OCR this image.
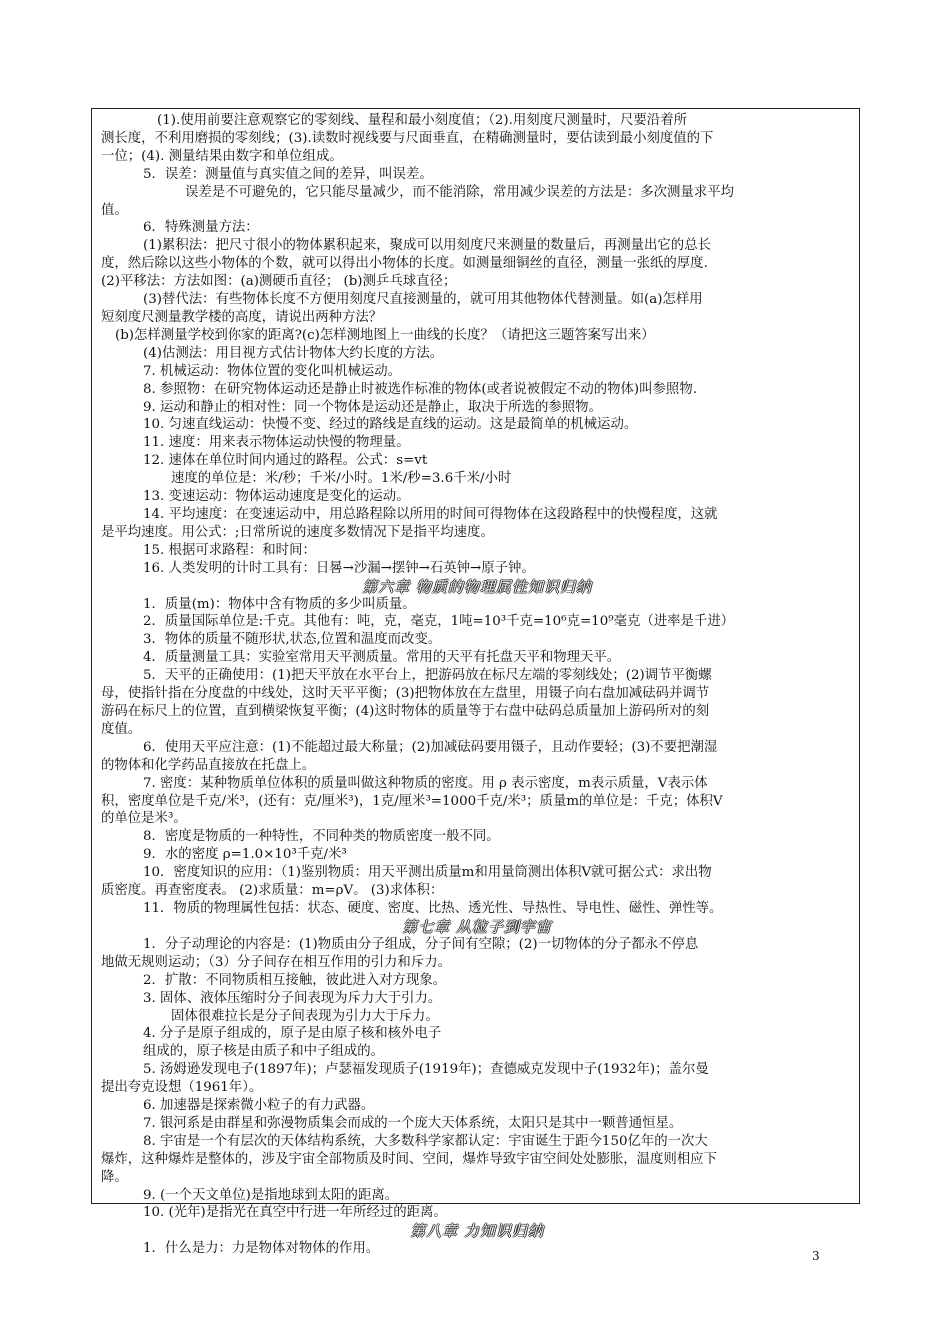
(1).使用前要注意观察它的零刻线、量程和最小刻度值；（2).用刻度尺测量时，尺要沿着所
测长度，不利用磨损的零刻线；(3).读数时视线要与尺面垂直，在精确测量时，要估读到最小刻度值的下
一位；(4). 测量结果由数字和单位组成。
5．误差：测量值与真实值之间的差异，叫误差。
误差是不可避免的，它只能尽量减少，而不能消除，常用减少误差的方法是：多次测量求平均
值。
6．特殊测量方法：
(1)累积法：把尺寸很小的物体累积起来，聚成可以用刻度尺来测量的数量后，再测量出它的总长
度，然后除以这些小物体的个数，就可以得出小物体的长度。如测量细铜丝的直径，测量一张纸的厚度.
(2)平移法：方法如图：(a)测硬币直径； (b)测乒乓球直径；
(3)替代法：有些物体长度不方便用刻度尺直接测量的，就可用其他物体代替测量。如(a)怎样用
短刻度尺测量教学楼的高度，请说出两种方法？
(b)怎样测量学校到你家的距离?(c)怎样测地图上一曲线的长度？（请把这三题答案写出来）
(4)估测法：用目视方式估计物体大约长度的方法。
7. 机械运动：物体位置的变化叫机械运动。
8. 参照物：在研究物体运动还是静止时被选作标准的物体(或者说被假定不动的物体)叫参照物.
9. 运动和静止的相对性：同一个物体是运动还是静止，取决于所选的参照物。
10. 匀速直线运动：快慢不变、经过的路线是直线的运动。这是最简单的机械运动。
11. 速度：用来表示物体运动快慢的物理量。
12. 速体在单位时间内通过的路程。公式：s=vt
速度的单位是：米/秒；千米/小时。1米/秒=3.6千米/小时
13. 变速运动：物体运动速度是变化的运动。
14. 平均速度：在变速运动中，用总路程除以所用的时间可得物体在这段路程中的快慢程度，这就
是平均速度。用公式：;日常所说的速度多数情况下是指平均速度。
15. 根据可求路程：和时间：
16. 人类发明的计时工具有：日晷→沙漏→摆钟→石英钟→原子钟。
第六章 物质的物理属性知识归纳
1．质量(m)：物体中含有物质的多少叫质量。
2．质量国际单位是:千克。其他有：吨，克，毫克，1吨=10³千克=10⁶克=10⁹毫克（进率是千进）
3．物体的质量不随形状,状态,位置和温度而改变。
4．质量测量工具：实验室常用天平测质量。常用的天平有托盘天平和物理天平。
5．天平的正确使用：(1)把天平放在水平台上，把游码放在标尺左端的零刻线处；(2)调节平衡螺
母，使指针指在分度盘的中线处，这时天平平衡；(3)把物体放在左盘里，用镊子向右盘加减砝码并调节
游码在标尺上的位置，直到横梁恢复平衡；(4)这时物体的质量等于右盘中砝码总质量加上游码所对的刻
度值。
6．使用天平应注意：(1)不能超过最大称量；(2)加减砝码要用镊子，且动作要轻；(3)不要把潮湿
的物体和化学药品直接放在托盘上。
7. 密度：某种物质单位体积的质量叫做这种物质的密度。用 ρ 表示密度，m表示质量，V表示体
积，密度单位是千克/米³，(还有：克/厘米³)，1克/厘米³=1000千克/米³；质量m的单位是：千克；体积V
的单位是米³。
8．密度是物质的一种特性，不同种类的物质密度一般不同。
9．水的密度 ρ=1.0×10³千克/米³
10．密度知识的应用：（1)鉴别物质：用天平测出质量m和用量筒测出体积V就可据公式：求出物
质密度。再查密度表。 (2)求质量：m=ρV。 (3)求体积：
11．物质的物理属性包括：状态、硬度、密度、比热、透光性、导热性、导电性、磁性、弹性等。
第七章 从粒子到宇宙
1．分子动理论的内容是：(1)物质由分子组成，分子间有空隙；(2)一切物体的分子都永不停息
地做无规则运动；（3）分子间存在相互作用的引力和斥力。
2．扩散：不同物质相互接触，彼此进入对方现象。
3. 固体、液体压缩时分子间表现为斥力大于引力。
固体很难拉长是分子间表现为引力大于斥力。
4. 分子是原子组成的，原子是由原子核和核外电子
组成的，原子核是由质子和中子组成的。
5. 汤姆逊发现电子(1897年)；卢瑟福发现质子(1919年)；查德威克发现中子(1932年)；盖尔曼
提出夸克设想（1961年）。
6. 加速器是探索微小粒子的有力武器。
7. 银河系是由群星和弥漫物质集会而成的一个庞大天体系统，太阳只是其中一颗普通恒星。
8. 宇宙是一个有层次的天体结构系统，大多数科学家都认定：宇宙诞生于距今150亿年的一次大
爆炸，这种爆炸是整体的，涉及宇宙全部物质及时间、空间，爆炸导致宇宙空间处处膨胀，温度则相应下
降。
9. (一个天文单位)是指地球到太阳的距离。
10. (光年)是指光在真空中行进一年所经过的距离。
第八章 力知识归纳
1．什么是力：力是物体对物体的作用。	3
